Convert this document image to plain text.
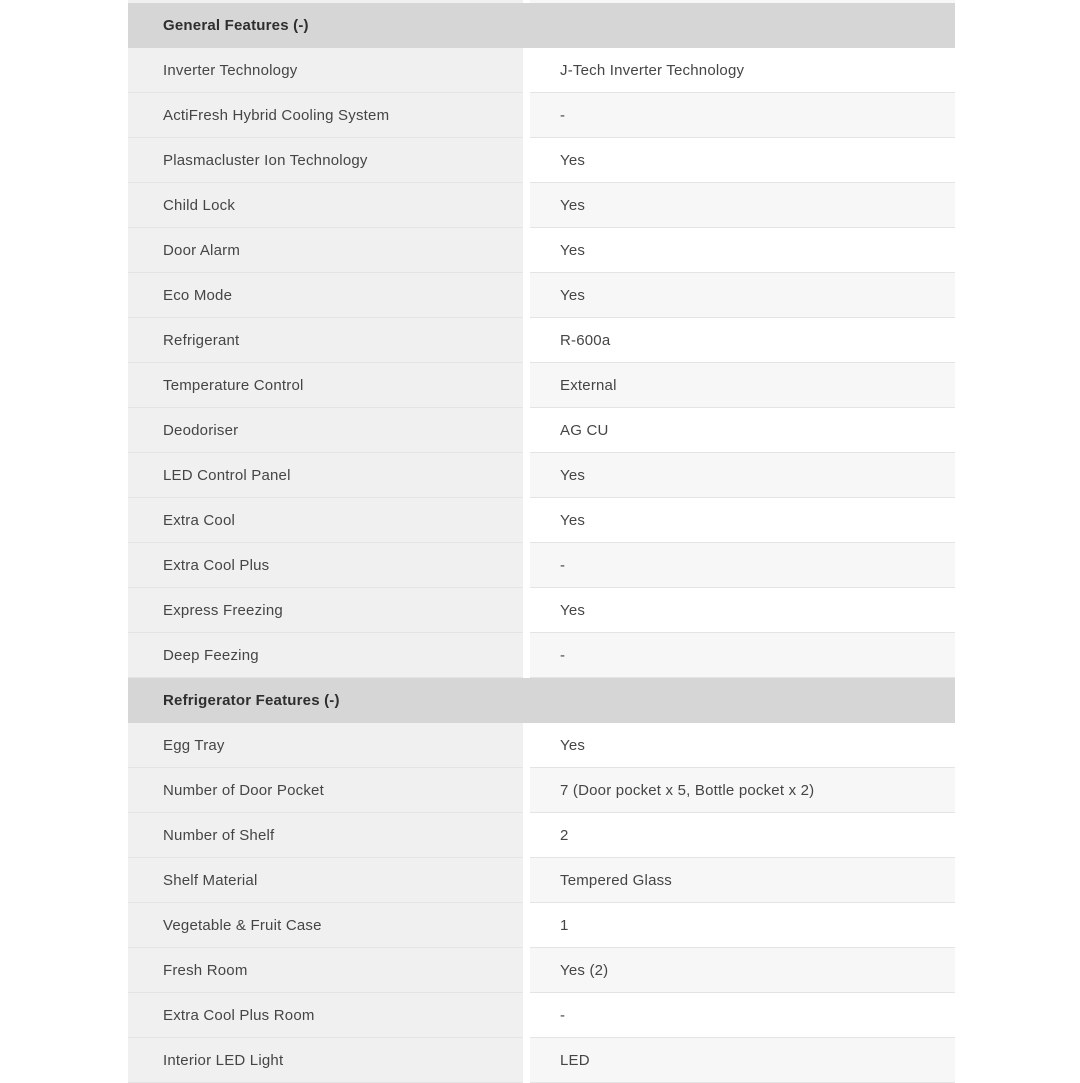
General Features (-)
Inverter Technology	J-Tech Inverter Technology
ActiFresh Hybrid Cooling System	-
Plasmacluster Ion Technology	Yes
Child Lock	Yes
Door Alarm	Yes
Eco Mode	Yes
Refrigerant	R-600a
Temperature Control	External
Deodoriser	AG CU
LED Control Panel	Yes
Extra Cool	Yes
Extra Cool Plus	-
Express Freezing	Yes
Deep Feezing	-
Refrigerator Features (-)
Egg Tray	Yes
Number of Door Pocket	7 (Door pocket x 5, Bottle pocket x 2)
Number of Shelf	2
Shelf Material	Tempered Glass
Vegetable & Fruit Case	1
Fresh Room	Yes (2)
Extra Cool Plus Room	-
Interior LED Light	LED
